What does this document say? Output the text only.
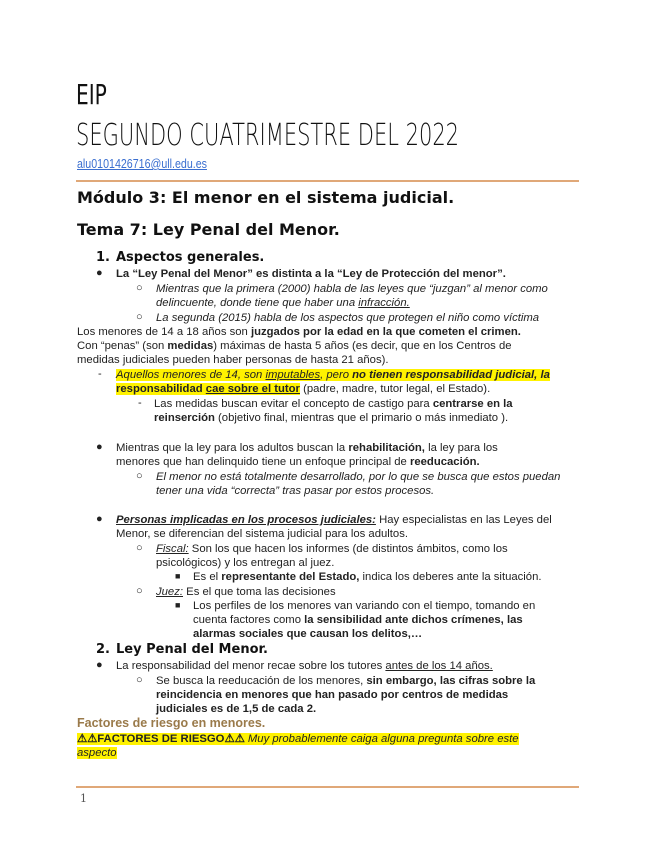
EIP
SEGUNDO CUATRIMESTRE DEL 2022
alu0101426716@ull.edu.es
Módulo 3: El menor en el sistema judicial.
Tema 7: Ley Penal del Menor.
1. Aspectos generales.
● La “Ley Penal del Menor” es distinta a la “Ley de Protección del menor”.
○ Mientras que la primera (2000) habla de las leyes que “juzgan” al menor como
delincuente, donde tiene que haber una infracción.
○ La segunda (2015) habla de los aspectos que protegen el niño como víctima
Los menores de 14 a 18 años son juzgados por la edad en la que cometen el crimen.
Con “penas” (son medidas) máximas de hasta 5 años (es decir, que en los Centros de
medidas judiciales pueden haber personas de hasta 21 años).
- Aquellos menores de 14, son imputables, pero no tienen responsabilidad judicial, la
responsabilidad cae sobre el tutor (padre, madre, tutor legal, el Estado).
- Las medidas buscan evitar el concepto de castigo para centrarse en la
reinserción (objetivo final, mientras que el primario o más inmediato ).
● Mientras que la ley para los adultos buscan la rehabilitación, la ley para los
menores que han delinquido tiene un enfoque principal de reeducación.
○ El menor no está totalmente desarrollado, por lo que se busca que estos puedan
tener una vida “correcta” tras pasar por estos procesos.
● Personas implicadas en los procesos judiciales: Hay especialistas en las Leyes del
Menor, se diferencian del sistema judicial para los adultos.
○ Fiscal: Son los que hacen los informes (de distintos ámbitos, como los
psicológicos) y los entregan al juez.
■ Es el representante del Estado, indica los deberes ante la situación.
○ Juez: Es el que toma las decisiones
■ Los perfiles de los menores van variando con el tiempo, tomando en
cuenta factores como la sensibilidad ante dichos crímenes, las
alarmas sociales que causan los delitos,…
2. Ley Penal del Menor.
● La responsabilidad del menor recae sobre los tutores antes de los 14 años.
○ Se busca la reeducación de los menores, sin embargo, las cifras sobre la
reincidencia en menores que han pasado por centros de medidas
judiciales es de 1,5 de cada 2.
Factores de riesgo en menores.
⚠⚠FACTORES DE RIESGO⚠⚠ Muy probablemente caiga alguna pregunta sobre este
aspecto
1
